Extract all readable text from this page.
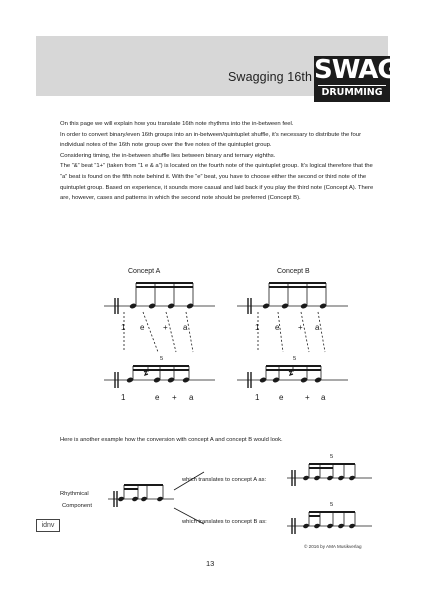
Swagging 16th SWAG
DRUMMING

On this page we will explain how you translate 16th note rhythms into the in-between feel.

In order to convert binary/even 16th groups into an in-between/quintuplet shuffle, it’s necessary to distribute the four individual notes of the 16th note group over the five notes of the quintuplet group.

Considering timing, the in-between shuffle lies between binary and ternary eighths.

The “&” beat “1+” (taken from “1 e & a”) is located on the fourth note of the quintuplet group. It’s logical therefore that the “a” beat is found on the fifth note behind it. With the “e” beat, you have to choose either the second or third note of the quintuplet group. Based on experience, it sounds more casual and laid back if you play the third note (Concept A). There are, however, cases and patterns in which the second note should be preferred (Concept B).

Concept A	Concept B
5	5
5
5
1 e + a	1 e + a
1	e + a	1 e	+ a
Here is another example how the conversion with concept A and concept B would look.
Rhythmical
Component
which translates to concept A as:
which translates to concept B as:
idnv
© 2016 by AMA Musikverlag
13
